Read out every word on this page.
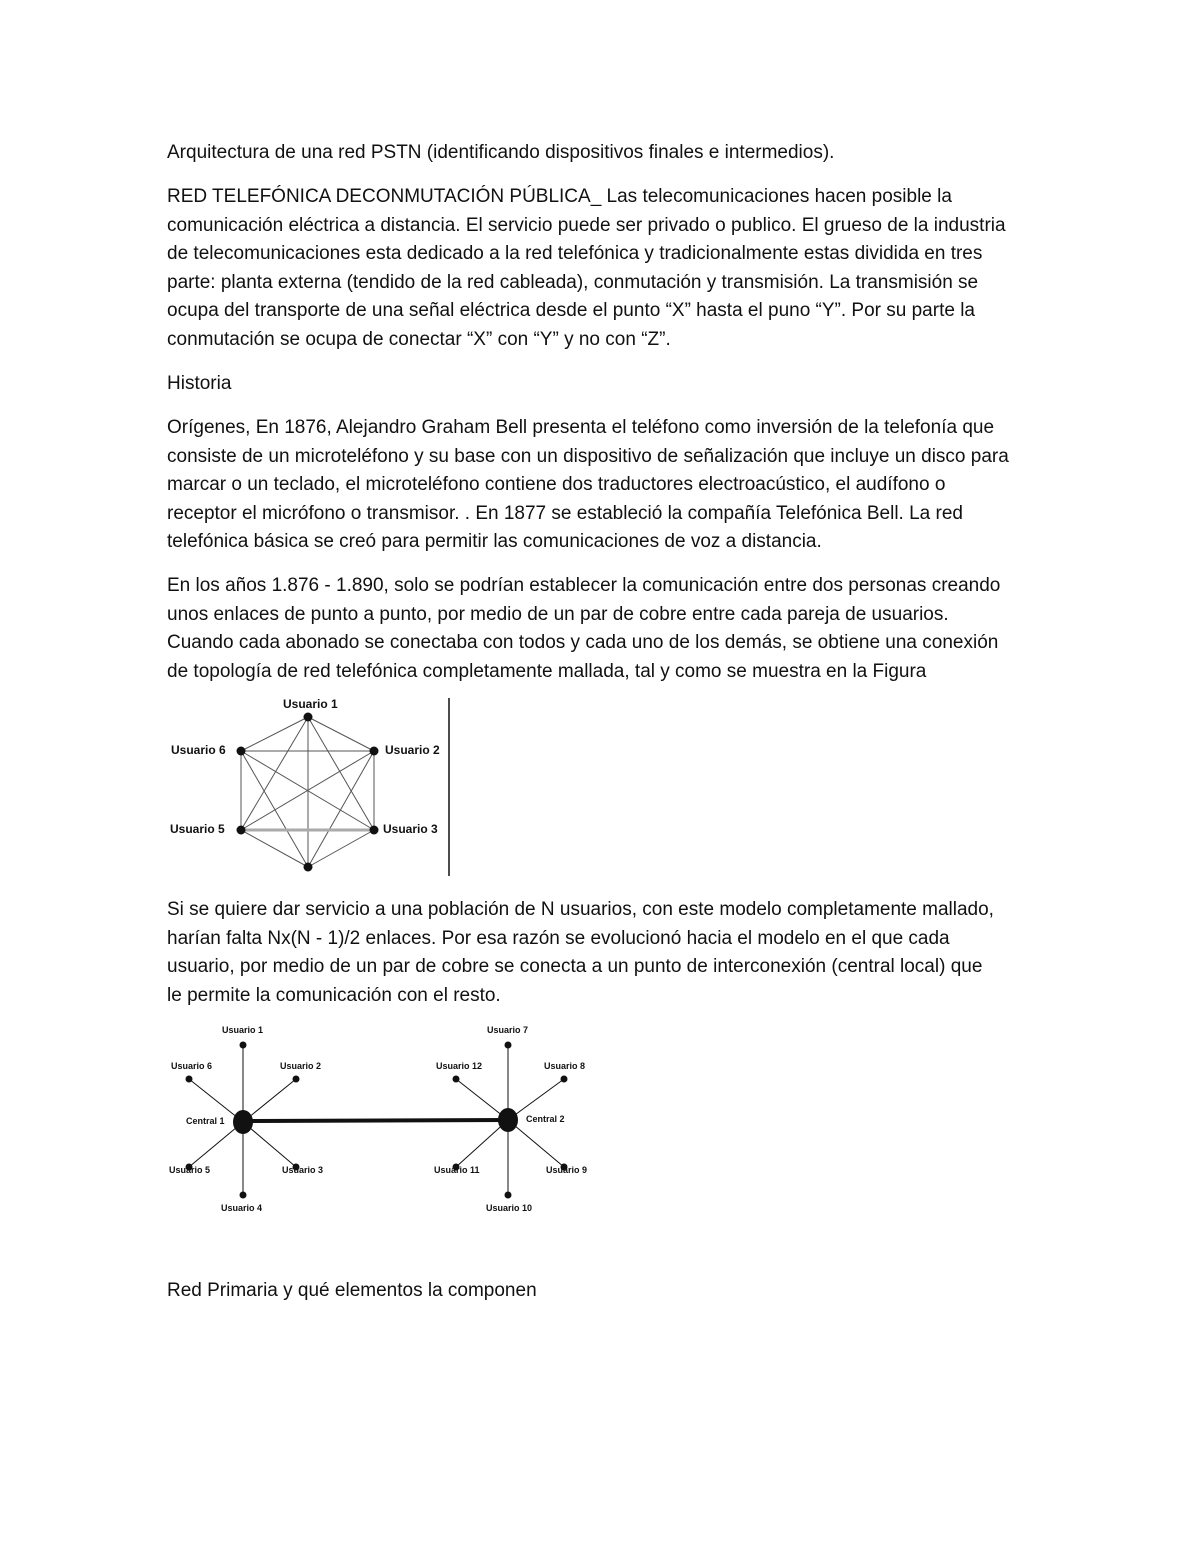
Arquitectura de una red PSTN (identificando dispositivos finales e intermedios).

RED TELEFÓNICA DECONMUTACIÓN PÚBLICA_ Las telecomunicaciones hacen posible la
comunicación eléctrica a distancia. El servicio puede ser privado o publico. El grueso de la industria
de telecomunicaciones esta dedicado a la red telefónica y tradicionalmente estas dividida en tres
parte: planta externa (tendido de la red cableada), conmutación y transmisión. La transmisión se
ocupa del transporte de una señal eléctrica desde el punto “X” hasta el puno “Y”. Por su parte la
conmutación se ocupa de conectar “X” con “Y” y no con “Z”.

Historia

Orígenes, En 1876, Alejandro Graham Bell presenta el teléfono como inversión de la telefonía que
consiste de un microteléfono y su base con un dispositivo de señalización que incluye un disco para
marcar o un teclado, el microteléfono contiene dos traductores electroacústico, el audífono o
receptor el micrófono o transmisor. . En 1877 se estableció la compañía Telefónica Bell. La red
telefónica básica se creó para permitir las comunicaciones de voz a distancia.

En los años 1.876 - 1.890, solo se podrían establecer la comunicación entre dos personas creando
unos enlaces de punto a punto, por medio de un par de cobre entre cada pareja de usuarios.
Cuando cada abonado se conectaba con todos y cada uno de los demás, se obtiene una conexión
de topología de red telefónica completamente mallada, tal y como se muestra en la Figura

Usuario 1
Usuario 2
Usuario 3
Usuario 5
Usuario 6

Si se quiere dar servicio a una población de N usuarios, con este modelo completamente mallado,
harían falta Nx(N - 1)/2 enlaces. Por esa razón se evolucionó hacia el modelo en el que cada
usuario, por medio de un par de cobre se conecta a un punto de interconexión (central local) que
le permite la comunicación con el resto.

Usuario 1
Usuario 2
Usuario 3
Usuario 4
Usuario 5
Usuario 6
Central 1
Usuario 7
Usuario 8
Usuario 9
Usuario 10
Usuario 11
Usuario 12
Central 2

Red Primaria y qué elementos la componen
